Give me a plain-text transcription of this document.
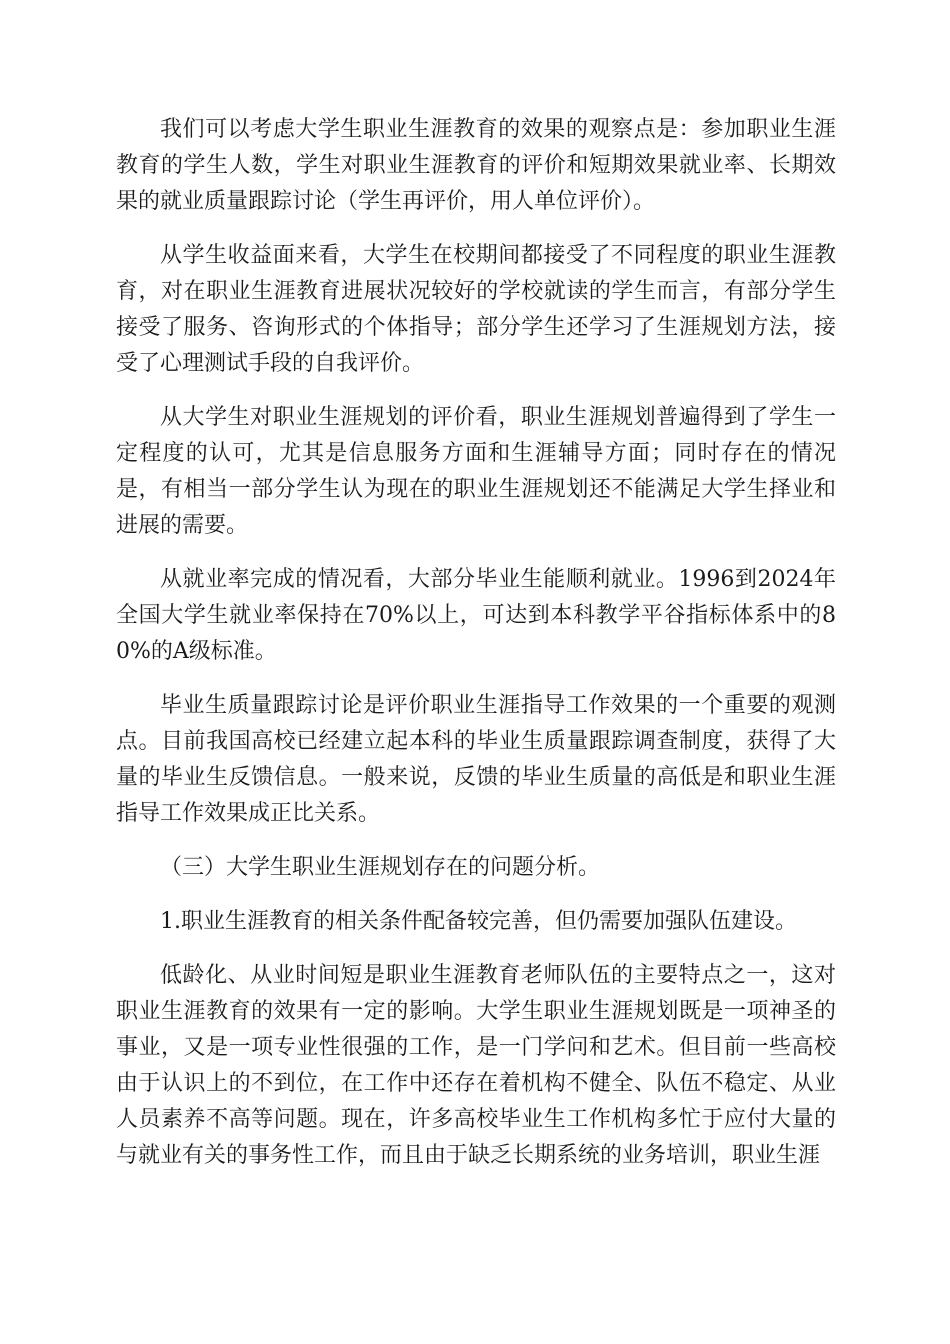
我们可以考虑大学生职业生涯教育的效果的观察点是：参加职业生涯教育的学生人数，学生对职业生涯教育的评价和短期效果就业率、长期效果的就业质量跟踪讨论（学生再评价，用人单位评价）。

从学生收益面来看，大学生在校期间都接受了不同程度的职业生涯教育，对在职业生涯教育进展状况较好的学校就读的学生而言，有部分学生接受了服务、咨询形式的个体指导；部分学生还学习了生涯规划方法，接受了心理测试手段的自我评价。

从大学生对职业生涯规划的评价看，职业生涯规划普遍得到了学生一定程度的认可，尤其是信息服务方面和生涯辅导方面；同时存在的情况是，有相当一部分学生认为现在的职业生涯规划还不能满足大学生择业和进展的需要。

从就业率完成的情况看，大部分毕业生能顺利就业。1996到2024年全国大学生就业率保持在70%以上，可达到本科教学平谷指标体系中的80%的A级标准。

毕业生质量跟踪讨论是评价职业生涯指导工作效果的一个重要的观测点。目前我国高校已经建立起本科的毕业生质量跟踪调查制度，获得了大量的毕业生反馈信息。一般来说，反馈的毕业生质量的高低是和职业生涯指导工作效果成正比关系。

（三）大学生职业生涯规划存在的问题分析。

1.职业生涯教育的相关条件配备较完善，但仍需要加强队伍建设。

低龄化、从业时间短是职业生涯教育老师队伍的主要特点之一，这对职业生涯教育的效果有一定的影响。大学生职业生涯规划既是一项神圣的事业，又是一项专业性很强的工作，是一门学问和艺术。但目前一些高校由于认识上的不到位，在工作中还存在着机构不健全、队伍不稳定、从业人员素养不高等问题。现在，许多高校毕业生工作机构多忙于应付大量的与就业有关的事务性工作，而且由于缺乏长期系统的业务培训，职业生涯
